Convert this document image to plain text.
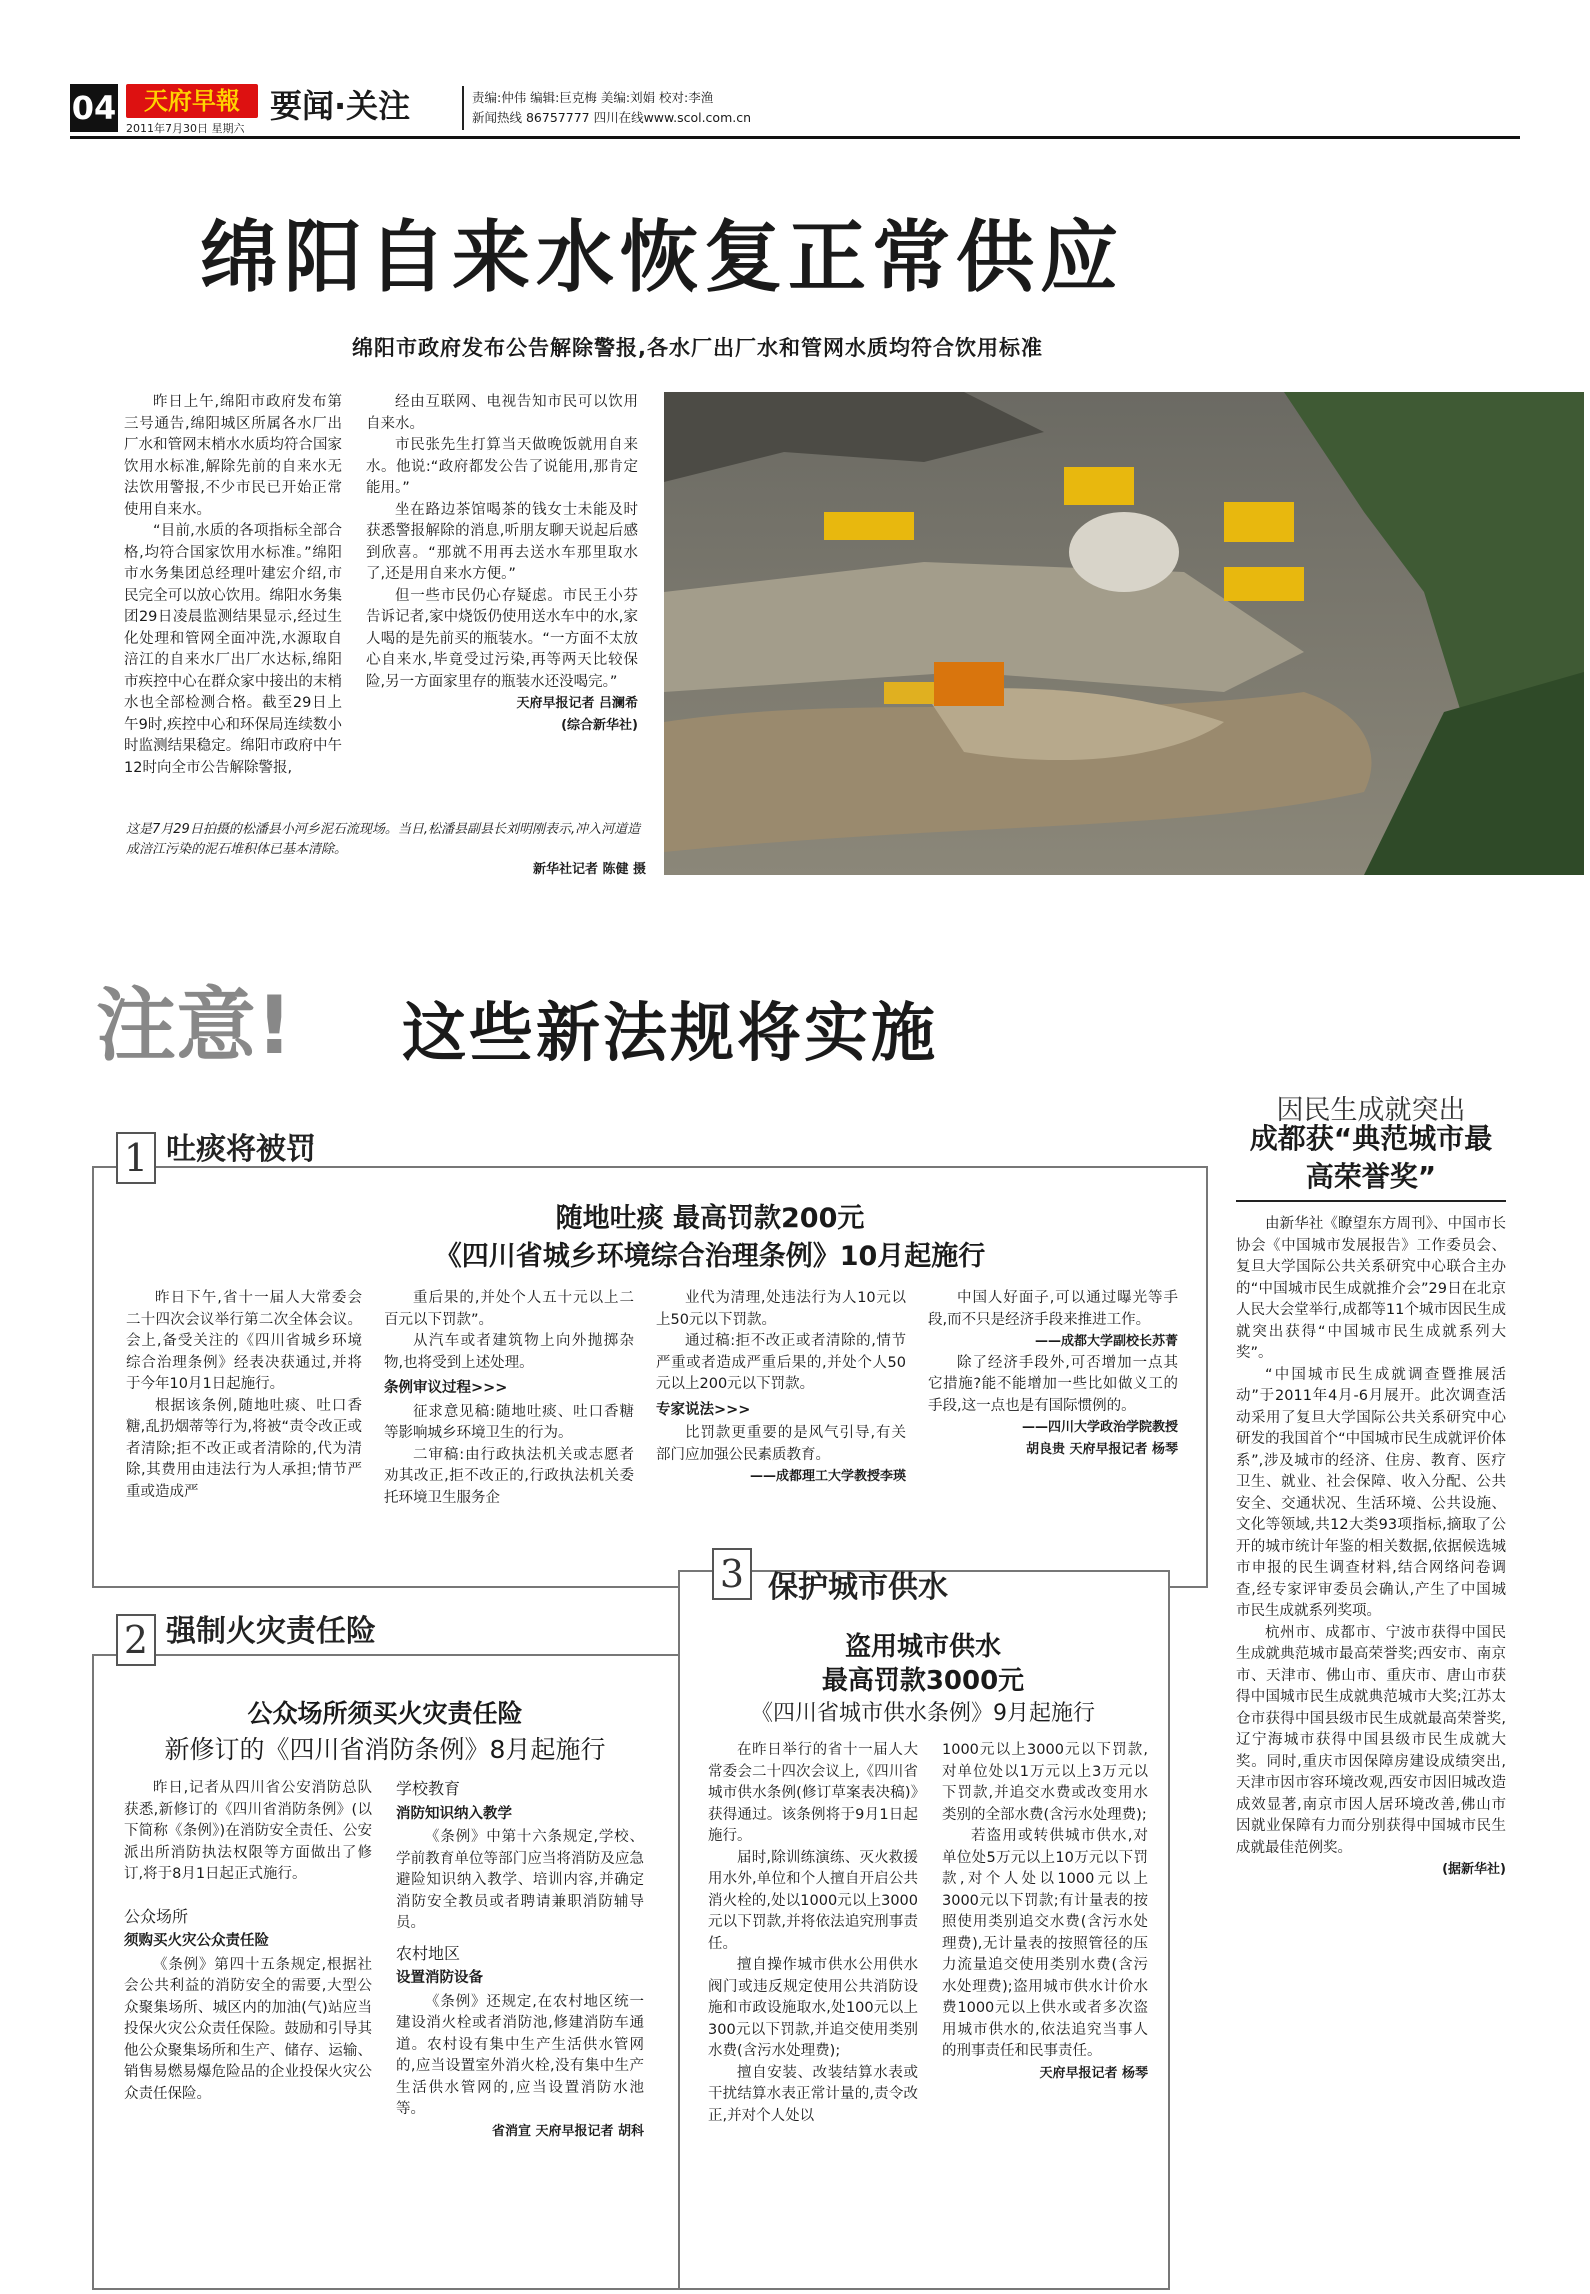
04	天府早報
2011年7月30日 星期六
要闻·关注	责编:仲伟 编辑:巨克梅 美编:刘娟 校对:李渔
新闻热线 86757777 四川在线www.scol.com.cn
绵阳自来水恢复正常供应
绵阳市政府发布公告解除警报,各水厂出厂水和管网水质均符合饮用标准

昨日上午,绵阳市政府发布第三号通告,绵阳城区所属各水厂出厂水和管网末梢水水质均符合国家饮用水标准,解除先前的自来水无法饮用警报,不少市民已开始正常使用自来水。

“目前,水质的各项指标全部合格,均符合国家饮用水标准。”绵阳市水务集团总经理叶建宏介绍,市民完全可以放心饮用。绵阳水务集团29日凌晨监测结果显示,经过生化处理和管网全面冲洗,水源取自涪江的自来水厂出厂水达标,绵阳市疾控中心在群众家中接出的末梢水也全部检测合格。截至29日上午9时,疾控中心和环保局连续数小时监测结果稳定。绵阳市政府中午12时向全市公告解除警报,

经由互联网、电视告知市民可以饮用自来水。

市民张先生打算当天做晚饭就用自来水。他说:“政府都发公告了说能用,那肯定能用。”

坐在路边茶馆喝茶的钱女士未能及时获悉警报解除的消息,听朋友聊天说起后感到欣喜。“那就不用再去送水车那里取水了,还是用自来水方便。”

但一些市民仍心存疑虑。市民王小芬告诉记者,家中烧饭仍使用送水车中的水,家人喝的是先前买的瓶装水。“一方面不太放心自来水,毕竟受过污染,再等两天比较保险,另一方面家里存的瓶装水还没喝完。”

天府早报记者 吕澜希
(综合新华社)
这是7月29日拍摄的松潘县小河乡泥石流现场。当日,松潘县副县长刘明刚表示,冲入河道造成涪江污染的泥石堆积体已基本清除。
新华社记者 陈健 摄
注意! 这些新法规将实施
1 吐痰将被罚
随地吐痰 最高罚款200元
《四川省城乡环境综合治理条例》10月起施行

昨日下午,省十一届人大常委会二十四次会议举行第二次全体会议。会上,备受关注的《四川省城乡环境综合治理条例》经表决获通过,并将于今年10月1日起施行。

根据该条例,随地吐痰、吐口香糖,乱扔烟蒂等行为,将被“责令改正或者清除;拒不改正或者清除的,代为清除,其费用由违法行为人承担;情节严重或造成严

重后果的,并处个人五十元以上二百元以下罚款”。

从汽车或者建筑物上向外抛掷杂物,也将受到上述处理。

条例审议过程>>>

征求意见稿:随地吐痰、吐口香糖等影响城乡环境卫生的行为。

二审稿:由行政执法机关或志愿者劝其改正,拒不改正的,行政执法机关委托环境卫生服务企

业代为清理,处违法行为人10元以上50元以下罚款。

通过稿:拒不改正或者清除的,情节严重或者造成严重后果的,并处个人50元以上200元以下罚款。

专家说法>>>

比罚款更重要的是风气引导,有关部门应加强公民素质教育。

——成都理工大学教授李瑛

中国人好面子,可以通过曝光等手段,而不只是经济手段来推进工作。

——成都大学副校长苏菁

除了经济手段外,可否增加一点其它措施?能不能增加一些比如做义工的手段,这一点也是有国际惯例的。

——四川大学政治学院教授
胡良贵 天府早报记者 杨琴
2 强制火灾责任险
公众场所须买火灾责任险
新修订的《四川省消防条例》8月起施行

昨日,记者从四川省公安消防总队获悉,新修订的《四川省消防条例》(以下简称《条例》)在消防安全责任、公安派出所消防执法权限等方面做出了修订,将于8月1日起正式施行。

公众场所
须购买火灾公众责任险

《条例》第四十五条规定,根据社会公共利益的消防安全的需要,大型公众聚集场所、城区内的加油(气)站应当投保火灾公众责任保险。鼓励和引导其他公众聚集场所和生产、储存、运输、销售易燃易爆危险品的企业投保火灾公众责任保险。

学校教育
消防知识纳入教学

《条例》中第十六条规定,学校、学前教育单位等部门应当将消防及应急避险知识纳入教学、培训内容,并确定消防安全教员或者聘请兼职消防辅导员。

农村地区
设置消防设备

《条例》还规定,在农村地区统一建设消火栓或者消防池,修建消防车通道。农村设有集中生产生活供水管网的,应当设置室外消火栓,没有集中生产生活供水管网的,应当设置消防水池等。

省消宣 天府早报记者 胡科
3 保护城市供水
盗用城市供水
最高罚款3000元
《四川省城市供水条例》9月起施行

在昨日举行的省十一届人大常委会二十四次会议上,《四川省城市供水条例(修订草案表决稿)》获得通过。该条例将于9月1日起施行。

届时,除训练演练、灭火救援用水外,单位和个人擅自开启公共消火栓的,处以1000元以上3000元以下罚款,并将依法追究刑事责任。

擅自操作城市供水公用供水阀门或违反规定使用公共消防设施和市政设施取水,处100元以上300元以下罚款,并追交使用类别水费(含污水处理费);

擅自安装、改装结算水表或干扰结算水表正常计量的,责令改正,并对个人处以

1000元以上3000元以下罚款,对单位处以1万元以上3万元以下罚款,并追交水费或改变用水类别的全部水费(含污水处理费);

若盗用或转供城市供水,对单位处5万元以上10万元以下罚款,对个人处以1000元以上3000元以下罚款;有计量表的按照使用类别追交水费(含污水处理费),无计量表的按照管径的压力流量追交使用类别水费(含污水处理费);盗用城市供水计价水费1000元以上供水或者多次盗用城市供水的,依法追究当事人的刑事责任和民事责任。

天府早报记者 杨琴
因民生成就突出
成都获“典范城市最高荣誉奖”

由新华社《瞭望东方周刊》、中国市长协会《中国城市发展报告》工作委员会、复旦大学国际公共关系研究中心联合主办的“中国城市民生成就推介会”29日在北京人民大会堂举行,成都等11个城市因民生成就突出获得“中国城市民生成就系列大奖”。

“中国城市民生成就调查暨推展活动”于2011年4月-6月展开。此次调查活动采用了复旦大学国际公共关系研究中心研发的我国首个“中国城市民生成就评价体系”,涉及城市的经济、住房、教育、医疗卫生、就业、社会保障、收入分配、公共安全、交通状况、生活环境、公共设施、文化等领域,共12大类93项指标,摘取了公开的城市统计年鉴的相关数据,依据候选城市申报的民生调查材料,结合网络问卷调查,经专家评审委员会确认,产生了中国城市民生成就系列奖项。

杭州市、成都市、宁波市获得中国民生成就典范城市最高荣誉奖;西安市、南京市、天津市、佛山市、重庆市、唐山市获得中国城市民生成就典范城市大奖;江苏太仓市获得中国县级市民生成就最高荣誉奖,辽宁海城市获得中国县级市民生成就大奖。同时,重庆市因保障房建设成绩突出,天津市因市容环境改观,西安市因旧城改造成效显著,南京市因人居环境改善,佛山市因就业保障有力而分别获得中国城市民生成就最佳范例奖。

(据新华社)
